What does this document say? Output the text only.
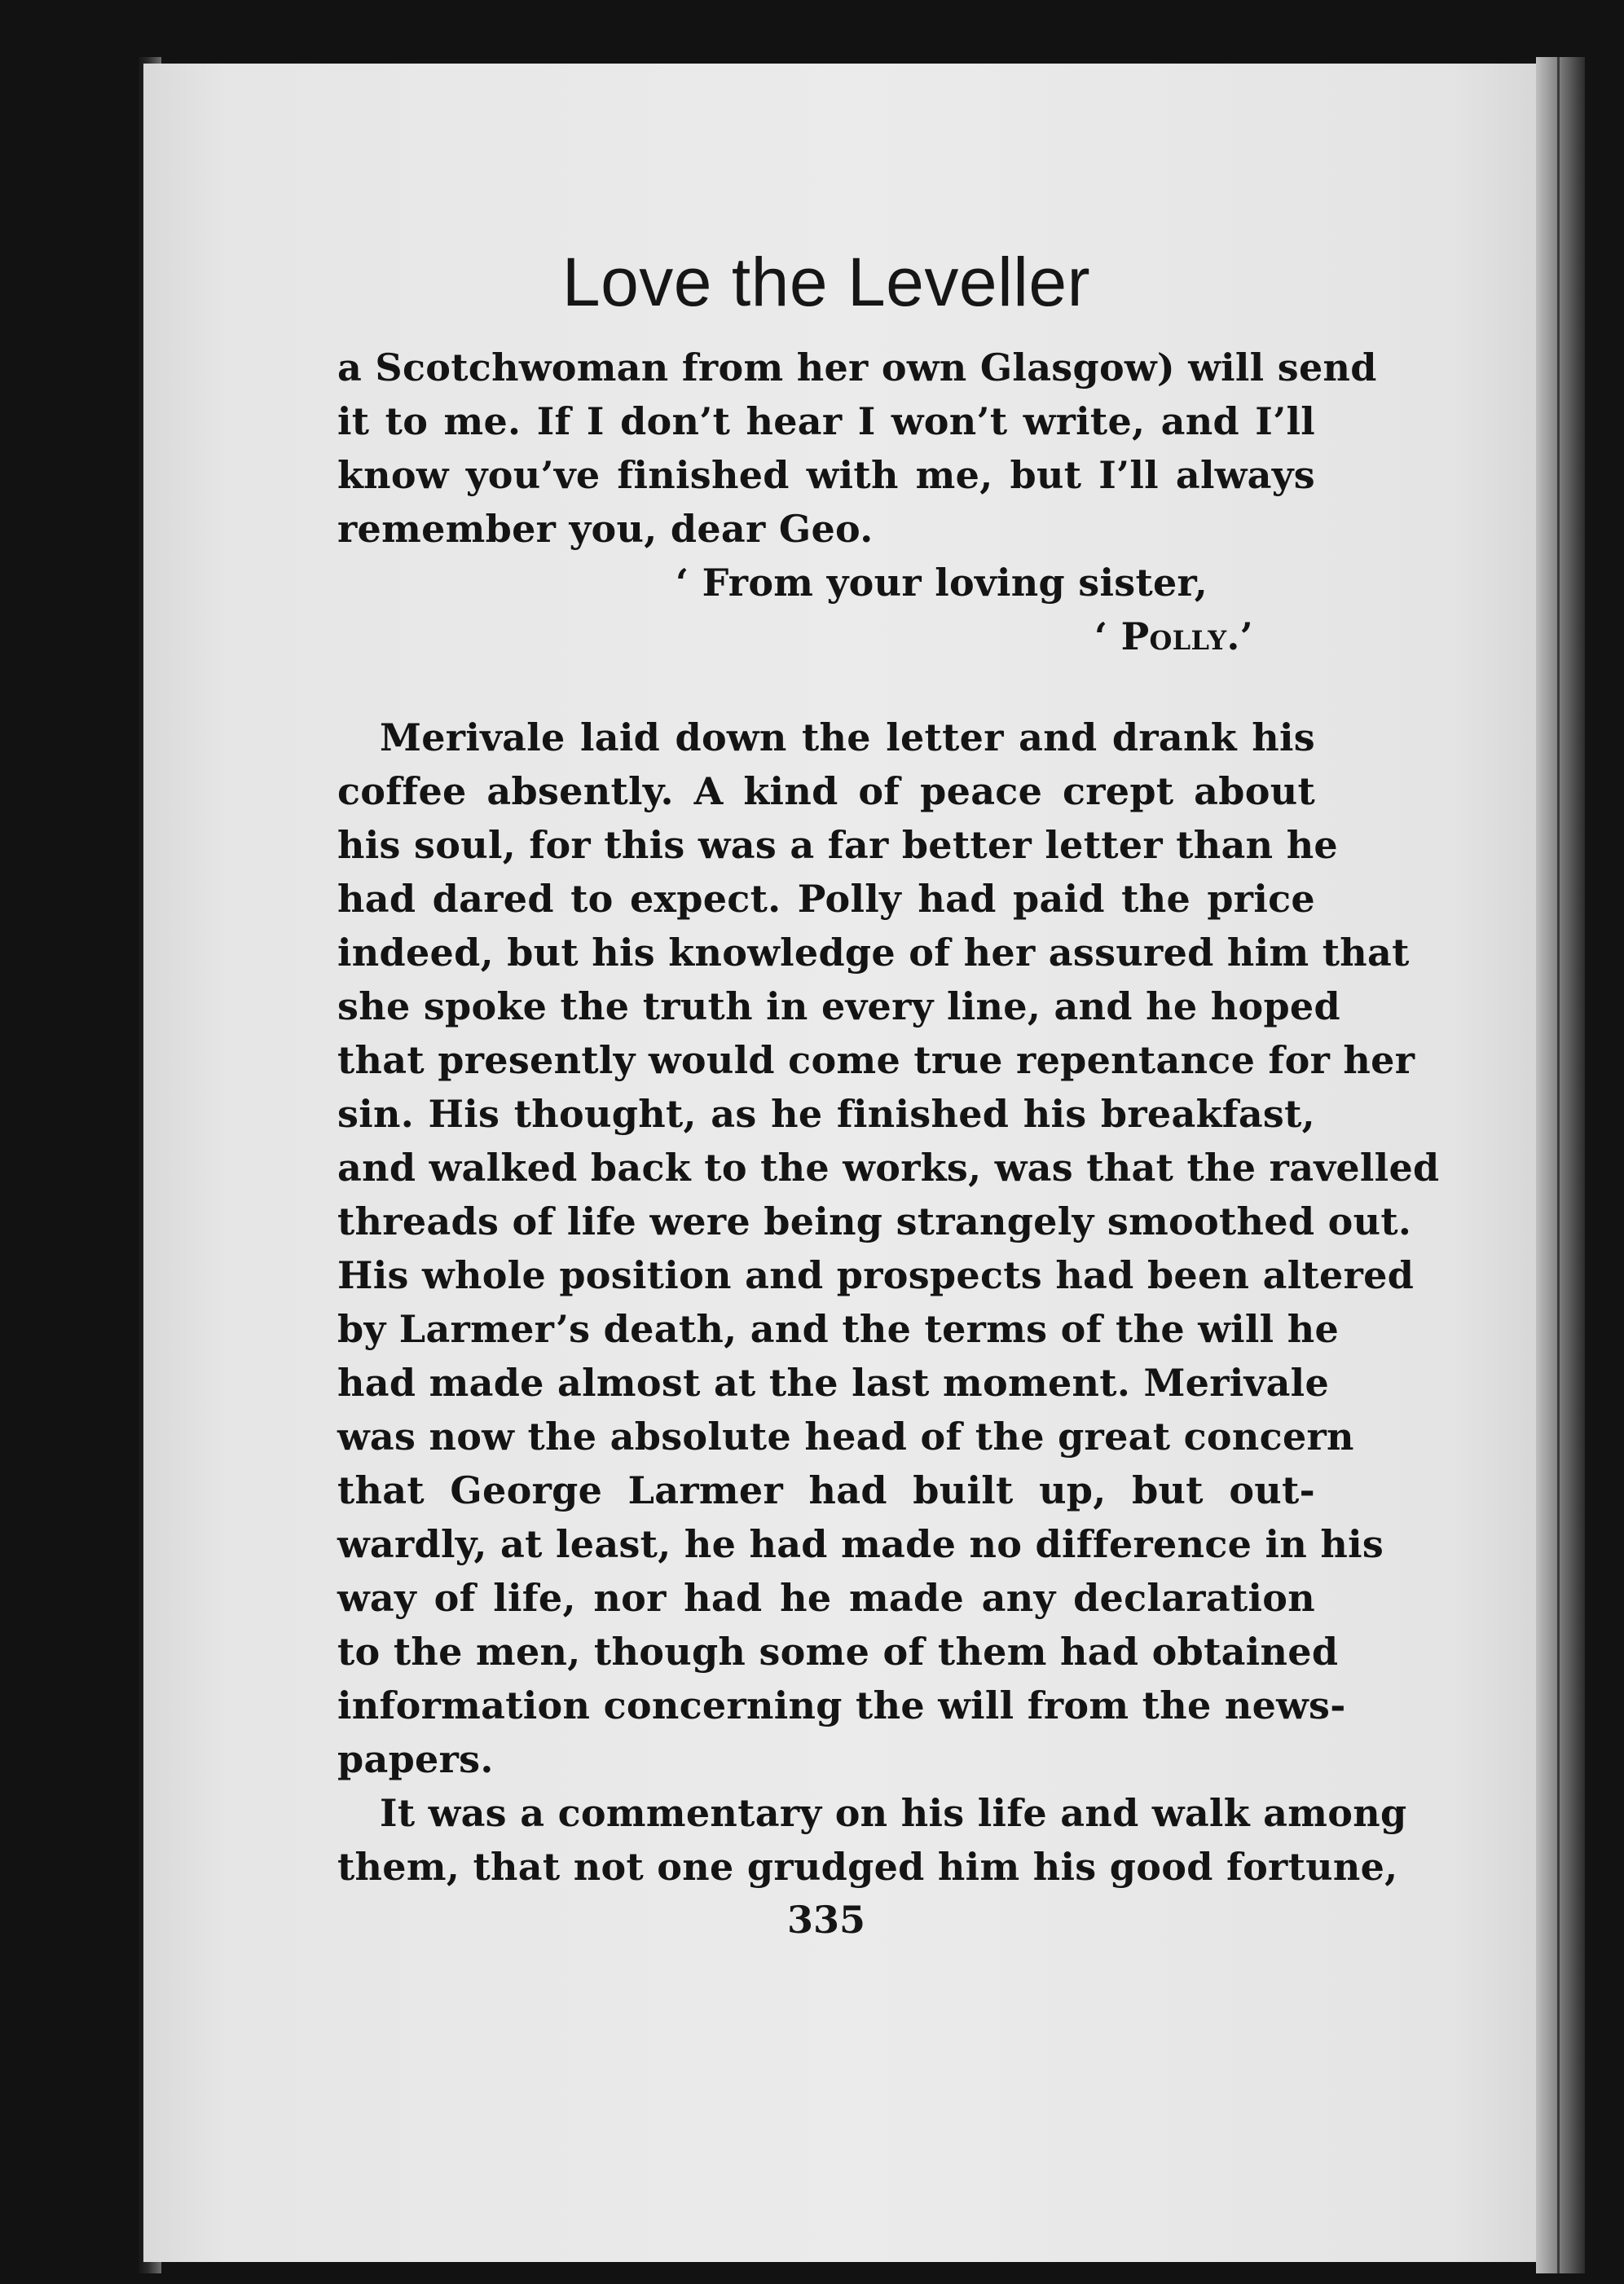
Love the Leveller
a Scotchwoman from her own Glasgow) will send
it to me. If I don’t hear I won’t write, and I’ll
know you’ve finished with me, but I’ll always
remember you, dear Geo.
‘ From your loving sister,
‘ Polly.’
Merivale laid down the letter and drank his
coffee absently. A kind of peace crept about
his soul, for this was a far better letter than he
had dared to expect. Polly had paid the price
indeed, but his knowledge of her assured him that
she spoke the truth in every line, and he hoped
that presently would come true repentance for her
sin. His thought, as he finished his breakfast,
and walked back to the works, was that the ravelled
threads of life were being strangely smoothed out.
His whole position and prospects had been altered
by Larmer’s death, and the terms of the will he
had made almost at the last moment. Merivale
was now the absolute head of the great concern
that George Larmer had built up, but out-
wardly, at least, he had made no difference in his
way of life, nor had he made any declaration
to the men, though some of them had obtained
information concerning the will from the news-
papers.
It was a commentary on his life and walk among
them, that not one grudged him his good fortune,
335
